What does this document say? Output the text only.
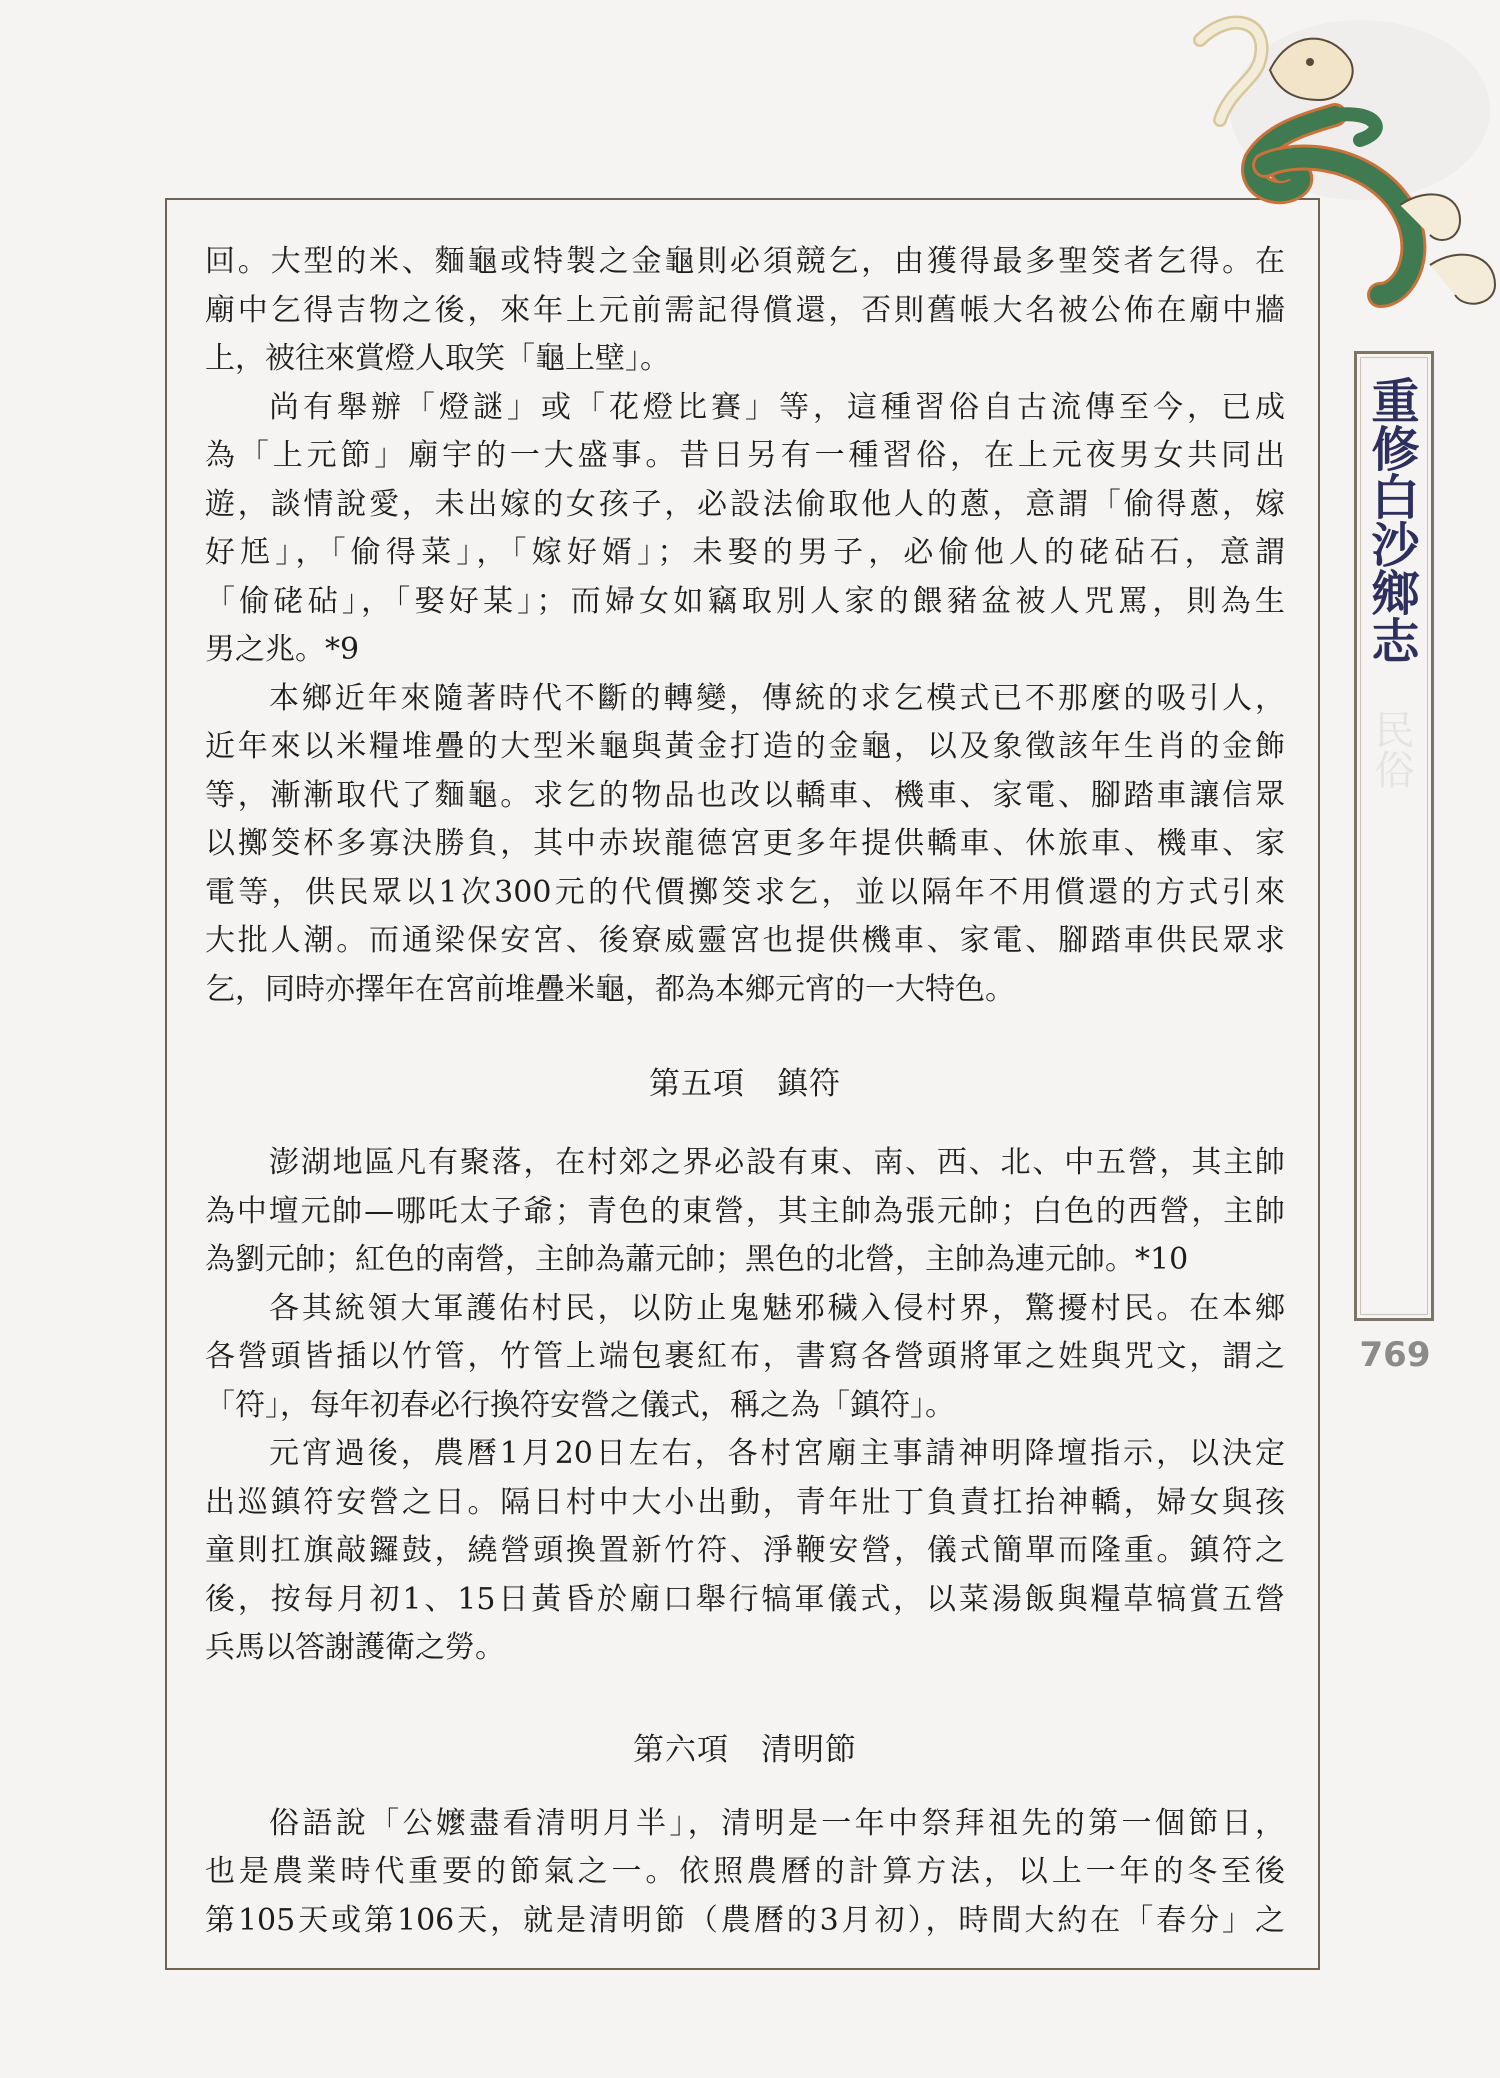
重修白沙鄉志
民俗
769
回。大型的米、麵龜或特製之金龜則必須競乞，由獲得最多聖筊者乞得。在
廟中乞得吉物之後，來年上元前需記得償還，否則舊帳大名被公佈在廟中牆
上，被往來賞燈人取笑「龜上壁」。
尚有舉辦「燈謎」或「花燈比賽」等，這種習俗自古流傳至今，已成
為「上元節」廟宇的一大盛事。昔日另有一種習俗，在上元夜男女共同出
遊，談情說愛，未出嫁的女孩子，必設法偷取他人的蔥，意謂「偷得蔥，嫁
好尪」，「偷得菜」，「嫁好婿」；未娶的男子，必偷他人的硓砧石，意謂
「偷硓砧」，「娶好某」；而婦女如竊取別人家的餵豬盆被人咒罵，則為生
男之兆。*9
本鄉近年來隨著時代不斷的轉變，傳統的求乞模式已不那麼的吸引人，
近年來以米糧堆疊的大型米龜與黃金打造的金龜，以及象徵該年生肖的金飾
等，漸漸取代了麵龜。求乞的物品也改以轎車、機車、家電、腳踏車讓信眾
以擲筊杯多寡決勝負，其中赤崁龍德宮更多年提供轎車、休旅車、機車、家
電等，供民眾以1次300元的代價擲筊求乞，並以隔年不用償還的方式引來
大批人潮。而通梁保安宮、後寮威靈宮也提供機車、家電、腳踏車供民眾求
乞，同時亦擇年在宮前堆疊米龜，都為本鄉元宵的一大特色。
第五項　鎮符
澎湖地區凡有聚落，在村郊之界必設有東、南、西、北、中五營，其主帥
為中壇元帥—哪吒太子爺；青色的東營，其主帥為張元帥；白色的西營，主帥
為劉元帥；紅色的南營，主帥為蕭元帥；黑色的北營，主帥為連元帥。*10
各其統領大軍護佑村民，以防止鬼魅邪穢入侵村界，驚擾村民。在本鄉
各營頭皆插以竹管，竹管上端包裹紅布，書寫各營頭將軍之姓與咒文，謂之
「符」，每年初春必行換符安營之儀式，稱之為「鎮符」。
元宵過後，農曆1月20日左右，各村宮廟主事請神明降壇指示，以決定
出巡鎮符安營之日。隔日村中大小出動，青年壯丁負責扛抬神轎，婦女與孩
童則扛旗敲鑼鼓，繞營頭換置新竹符、淨鞭安營，儀式簡單而隆重。鎮符之
後，按每月初1、15日黃昏於廟口舉行犒軍儀式，以菜湯飯與糧草犒賞五營
兵馬以答謝護衛之勞。
第六項　清明節
俗語說「公嬤盡看清明月半」，清明是一年中祭拜祖先的第一個節日，
也是農業時代重要的節氣之一。依照農曆的計算方法，以上一年的冬至後
第105天或第106天，就是清明節（農曆的3月初），時間大約在「春分」之
